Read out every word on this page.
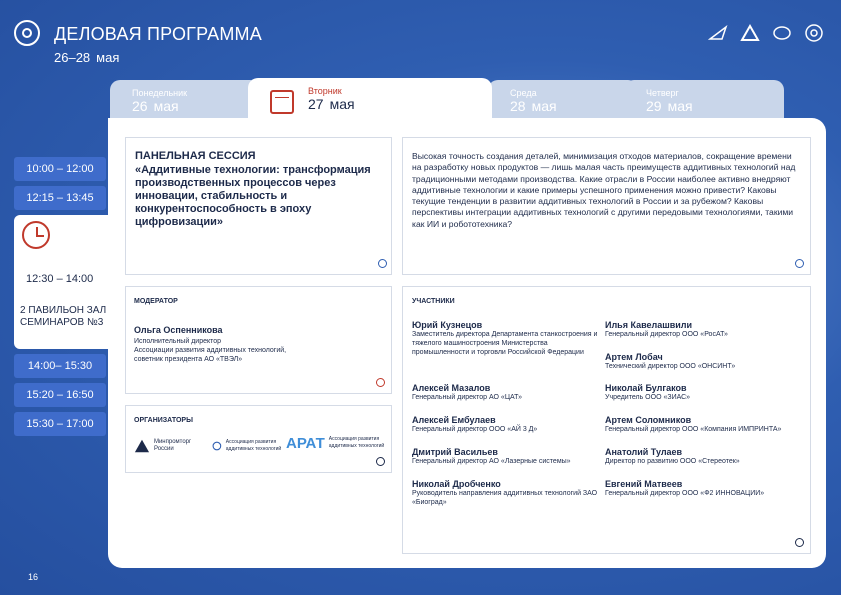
ДЕЛОВАЯ ПРОГРАММА
26–28 мая
Понедельник
26 мая
Среда
28 мая
Четверг
29 мая
Вторник
27 мая
10:00 – 12:00
12:15 – 13:45
12:30 – 14:00
2 ПАВИЛЬОН ЗАЛ СЕМИНАРОВ №3
14:00– 15:30
15:20 – 16:50
15:30 – 17:00
ПАНЕЛЬНАЯ СЕССИЯ
«Аддитивные технологии: трансформация производственных процессов через инновации, стабильность и конкурентоспособность в эпоху цифровизации»
Высокая точность создания деталей, минимизация отходов материалов, сокращение времени на разработку новых продуктов — лишь малая часть преимуществ аддитивных технологий над традиционными методами производства. Какие отрасли в России наиболее активно внедряют аддитивные технологии и какие примеры успешного применения можно привести? Каковы текущие тенденции в развитии аддитивных технологий в России и за рубежом? Каковы перспективы интеграции аддитивных технологий с другими передовыми технологиями, такими как ИИ и робототехника?
МОДЕРАТОР
Ольга Оспенникова
Исполнительный директор
Ассоциации развития аддитивных технологий,
советник президента АО «ТВЭЛ»
ОРГАНИЗАТОРЫ
Минпромторг России
Ассоциация развития аддитивных технологий АРАТ Ассоциация развития аддитивных технологий
УЧАСТНИКИ
Юрий Кузнецов
Заместитель директора Департамента станкостроения и тяжелого машиностроения Министерства промышленности и торговли Российской Федерации
Алексей Мазалов
Генеральный директор АО «ЦАТ»
Алексей Ембулаев
Генеральный директор ООО «АЙ 3 Д»
Дмитрий Васильев
Генеральный директор АО «Лазерные системы»
Николай Дробченко
Руководитель направления аддитивных технологий ЗАО «Биоград»
Илья Кавелашвили
Генеральный директор ООО «РосАТ»
Артем Лобач
Технический директор ООО «ОНСИНТ»
Николай Булгаков
Учредитель ООО «ЗИАС»
Артем Соломников
Генеральный директор ООО «Компания ИМПРИНТА»
Анатолий Тулаев
Директор по развитию ООО «Стереотек»
Евгений Матвеев
Генеральный директор ООО «Ф2 ИННОВАЦИИ»
16
